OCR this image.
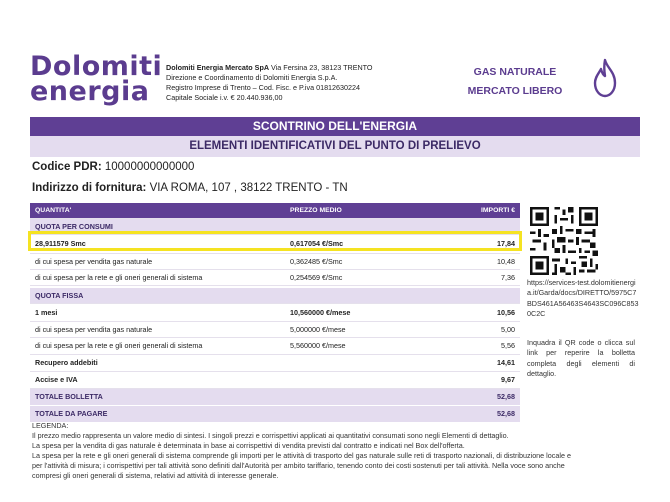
Dolomiti
energia
Dolomiti Energia Mercato SpA Via Fersina 23, 38123 TRENTO
Direzione e Coordinamento di Dolomiti Energia S.p.A.
Registro Imprese di Trento – Cod. Fisc. e P.iva 01812630224
Capitale Sociale i.v. € 20.440.936,00
GAS NATURALE
MERCATO LIBERO
SCONTRINO DELL'ENERGIA
ELEMENTI IDENTIFICATIVI DEL PUNTO DI PRELIEVO
Codice PDR: 10000000000000
Indirizzo di fornitura: VIA ROMA, 107 , 38122 TRENTO - TN
QUANTITA'	PREZZO MEDIO	IMPORTI €
QUOTA PER CONSUMI
28,911579 Smc	0,617054 €/Smc	17,84
di cui spesa per vendita gas naturale	0,362485 €/Smc	10,48
di cui spesa per la rete e gli oneri generali di sistema	0,254569 €/Smc	7,36
QUOTA FISSA
1 mesi	10,560000 €/mese	10,56
di cui spesa per vendita gas naturale	5,000000 €/mese	5,00
di cui spesa per la rete e gli oneri generali di sistema	5,560000 €/mese	5,56
Recupero addebiti	14,61
Accise e IVA	9,67
TOTALE BOLLETTA	52,68
TOTALE DA PAGARE	52,68
https://services-test.dolomitienergia.it/Garda/docs/DIRETTO/5975C7BDS461A56463S4643SC096C8530C2C
Inquadra il QR code o clicca sul link per reperire la bolletta completa degli elementi di dettaglio.
LEGENDA:
Il prezzo medio rappresenta un valore medio di sintesi. I singoli prezzi e corrispettivi applicati ai quantitativi consumati sono negli Elementi di dettaglio.
La spesa per la vendita di gas naturale è determinata in base ai corrispettivi di vendita previsti dal contratto e indicati nel Box dell'offerta.
La spesa per la rete e gli oneri generali di sistema comprende gli importi per le attività di trasporto del gas naturale sulle reti di trasporto nazionali, di distribuzione locale e
per l'attività di misura; i corrispettivi per tali attività sono definiti dall'Autorità per ambito tariffario, tenendo conto dei costi sostenuti per tali attività. Nella voce sono anche
compresi gli oneri generali di sistema, relativi ad attività di interesse generale.
